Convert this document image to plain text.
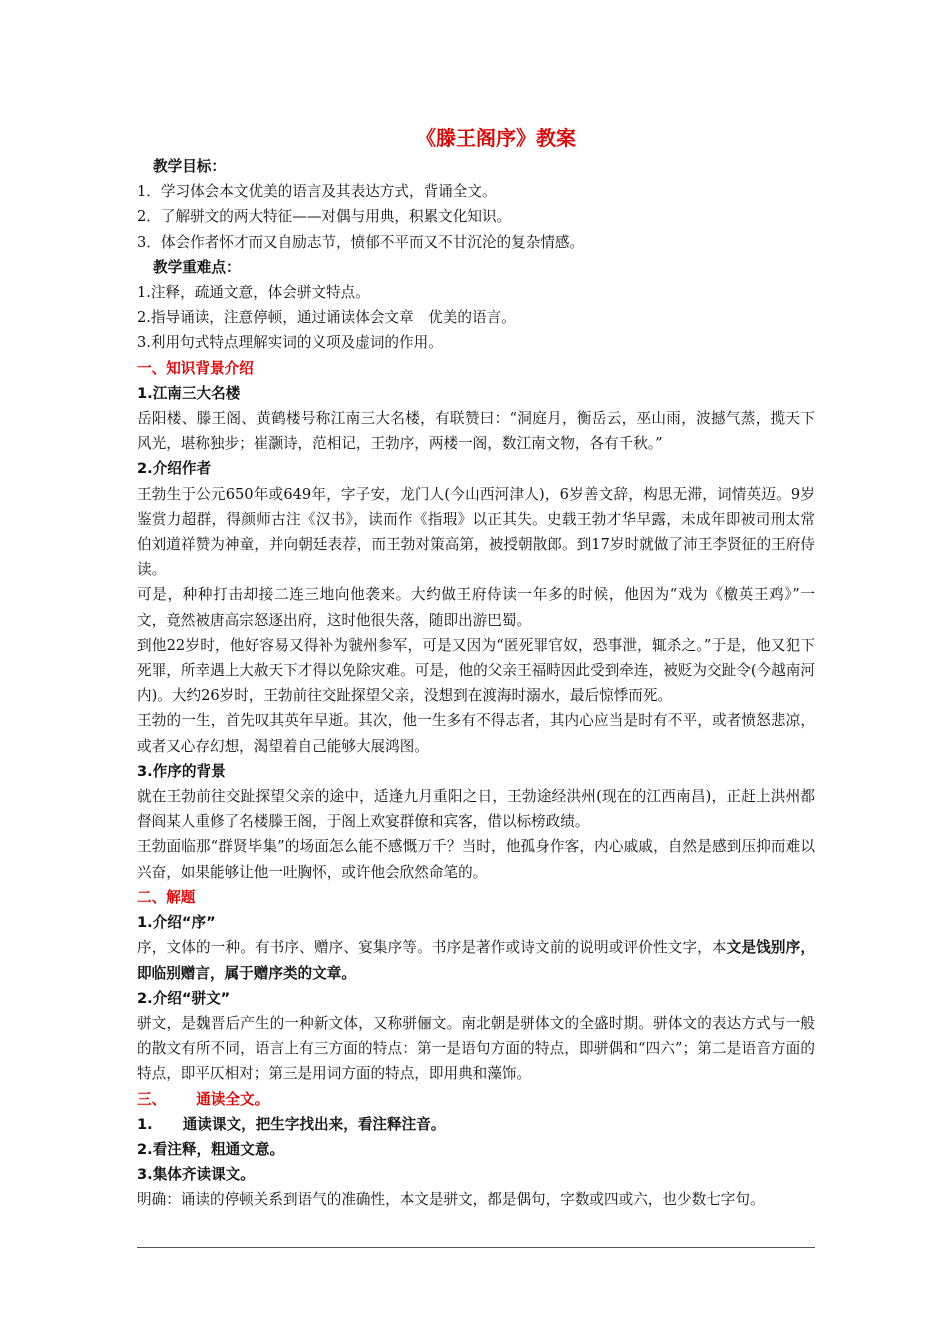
《滕王阁序》教案

教学目标：

1．学习体会本文优美的语言及其表达方式，背诵全文。

2．了解骈文的两大特征——对偶与用典，积累文化知识。

3．体会作者怀才而又自励志节，愤郁不平而又不甘沉沦的复杂情感。

教学重难点：

1.注释，疏通文意，体会骈文特点。

2.指导诵读，注意停顿，通过诵读体会文章　优美的语言。

3.利用句式特点理解实词的义项及虚词的作用。

一、知识背景介绍

1.江南三大名楼

岳阳楼、滕王阁、黄鹤楼号称江南三大名楼，有联赞曰：“洞庭月，衡岳云，巫山雨，波撼气蒸，揽天下风光，堪称独步；崔灏诗，范相记，王勃序，两楼一阁，数江南文物，各有千秋。”

2.介绍作者

王勃生于公元650年或649年，字子安，龙门人(今山西河津人)，6岁善文辞，构思无滞，词情英迈。9岁鉴赏力超群，得颜师古注《汉书》，读而作《指瑕》以正其失。史载王勃才华早露，未成年即被司刑太常伯刘道祥赞为神童，并向朝廷表荐，而王勃对策高第，被授朝散郎。到17岁时就做了沛王李贤征的王府侍读。

可是，种种打击却接二连三地向他袭来。大约做王府侍读一年多的时候，他因为“戏为《檄英王鸡》”一文，竟然被唐高宗怒逐出府，这时他很失落，随即出游巴蜀。

到他22岁时，他好容易又得补为虢州参军，可是又因为“匿死罪官奴，恐事泄，辄杀之。”于是，他又犯下死罪，所幸遇上大赦天下才得以免除灾难。可是，他的父亲王福畤因此受到牵连，被贬为交趾令(今越南河内)。大约26岁时，王勃前往交趾探望父亲，没想到在渡海时溺水，最后惊悸而死。

王勃的一生，首先叹其英年早逝。其次，他一生多有不得志者，其内心应当是时有不平，或者愤怒悲凉，或者又心存幻想，渴望着自己能够大展鸿图。

3.作序的背景

就在王勃前往交趾探望父亲的途中，适逢九月重阳之日，王勃途经洪州(现在的江西南昌)，正赶上洪州都督阎某人重修了名楼滕王阁，于阁上欢宴群僚和宾客，借以标榜政绩。

王勃面临那“群贤毕集”的场面怎么能不感慨万千？当时，他孤身作客，内心戚戚，自然是感到压抑而难以兴奋，如果能够让他一吐胸怀，或许他会欣然命笔的。

二、解题

1.介绍“序”

序，文体的一种。有书序、赠序、宴集序等。书序是著作或诗文前的说明或评价性文字，本文是饯别序，即临别赠言，属于赠序类的文章。

2.介绍“骈文”

骈文，是魏晋后产生的一种新文体，又称骈俪文。南北朝是骈体文的全盛时期。骈体文的表达方式与一般的散文有所不同，语言上有三方面的特点：第一是语句方面的特点，即骈偶和“四六”；第二是语音方面的特点，即平仄相对；第三是用词方面的特点，即用典和藻饰。

三、 通读全文。

1. 通读课文，把生字找出来，看注释注音。

2.看注释，粗通文意。

3.集体齐读课文。

明确：诵读的停顿关系到语气的准确性，本文是骈文，都是偶句，字数或四或六，也少数七字句。
